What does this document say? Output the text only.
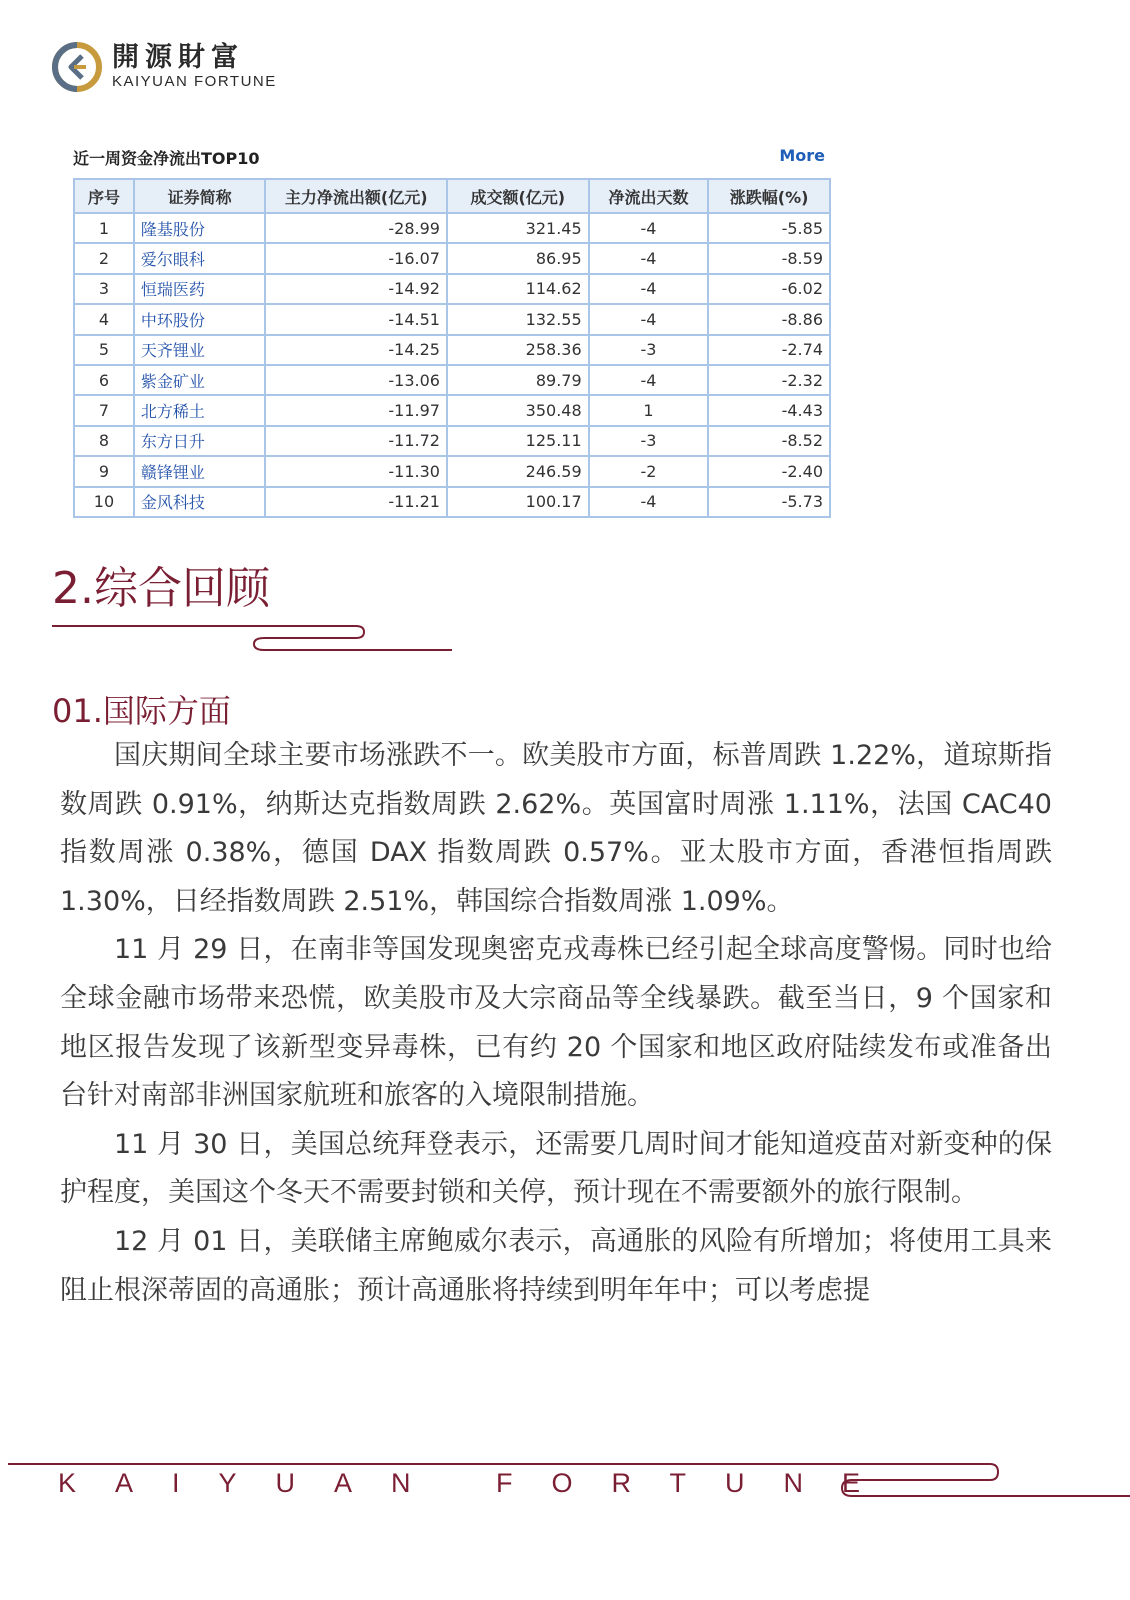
開源財富
KAIYUAN FORTUNE
近一周资金净流出TOP10	More
序号	证券简称	主力净流出额(亿元)	成交额(亿元)	净流出天数	涨跌幅(%)
1	隆基股份	-28.99	321.45	-4	-5.85
2	爱尔眼科	-16.07	86.95	-4	-8.59
3	恒瑞医药	-14.92	114.62	-4	-6.02
4	中环股份	-14.51	132.55	-4	-8.86
5	天齐锂业	-14.25	258.36	-3	-2.74
6	紫金矿业	-13.06	89.79	-4	-2.32
7	北方稀土	-11.97	350.48	1	-4.43
8	东方日升	-11.72	125.11	-3	-8.52
9	赣锋锂业	-11.30	246.59	-2	-2.40
10	金风科技	-11.21	100.17	-4	-5.73
2.综合回顾
01.国际方面

国庆期间全球主要市场涨跌不一。欧美股市方面，标普周跌 1.22%，道琼斯指数周跌 0.91%，纳斯达克指数周跌 2.62%。英国富时周涨 1.11%，法国 CAC40 指数周涨 0.38%，德国 DAX 指数周跌 0.57%。亚太股市方面，香港恒指周跌 1.30%，日经指数周跌 2.51%，韩国综合指数周涨 1.09%。

11 月 29 日，在南非等国发现奥密克戎毒株已经引起全球高度警惕。同时也给全球金融市场带来恐慌，欧美股市及大宗商品等全线暴跌。截至当日，9 个国家和地区报告发现了该新型变异毒株，已有约 20 个国家和地区政府陆续发布或准备出台针对南部非洲国家航班和旅客的入境限制措施。

11 月 30 日，美国总统拜登表示，还需要几周时间才能知道疫苗对新变种的保护程度，美国这个冬天不需要封锁和关停，预计现在不需要额外的旅行限制。

12 月 01 日，美联储主席鲍威尔表示，高通胀的风险有所增加；将使用工具来阻止根深蒂固的高通胀；预计高通胀将持续到明年年中；可以考虑提

KAIYUAN FORTUNE
